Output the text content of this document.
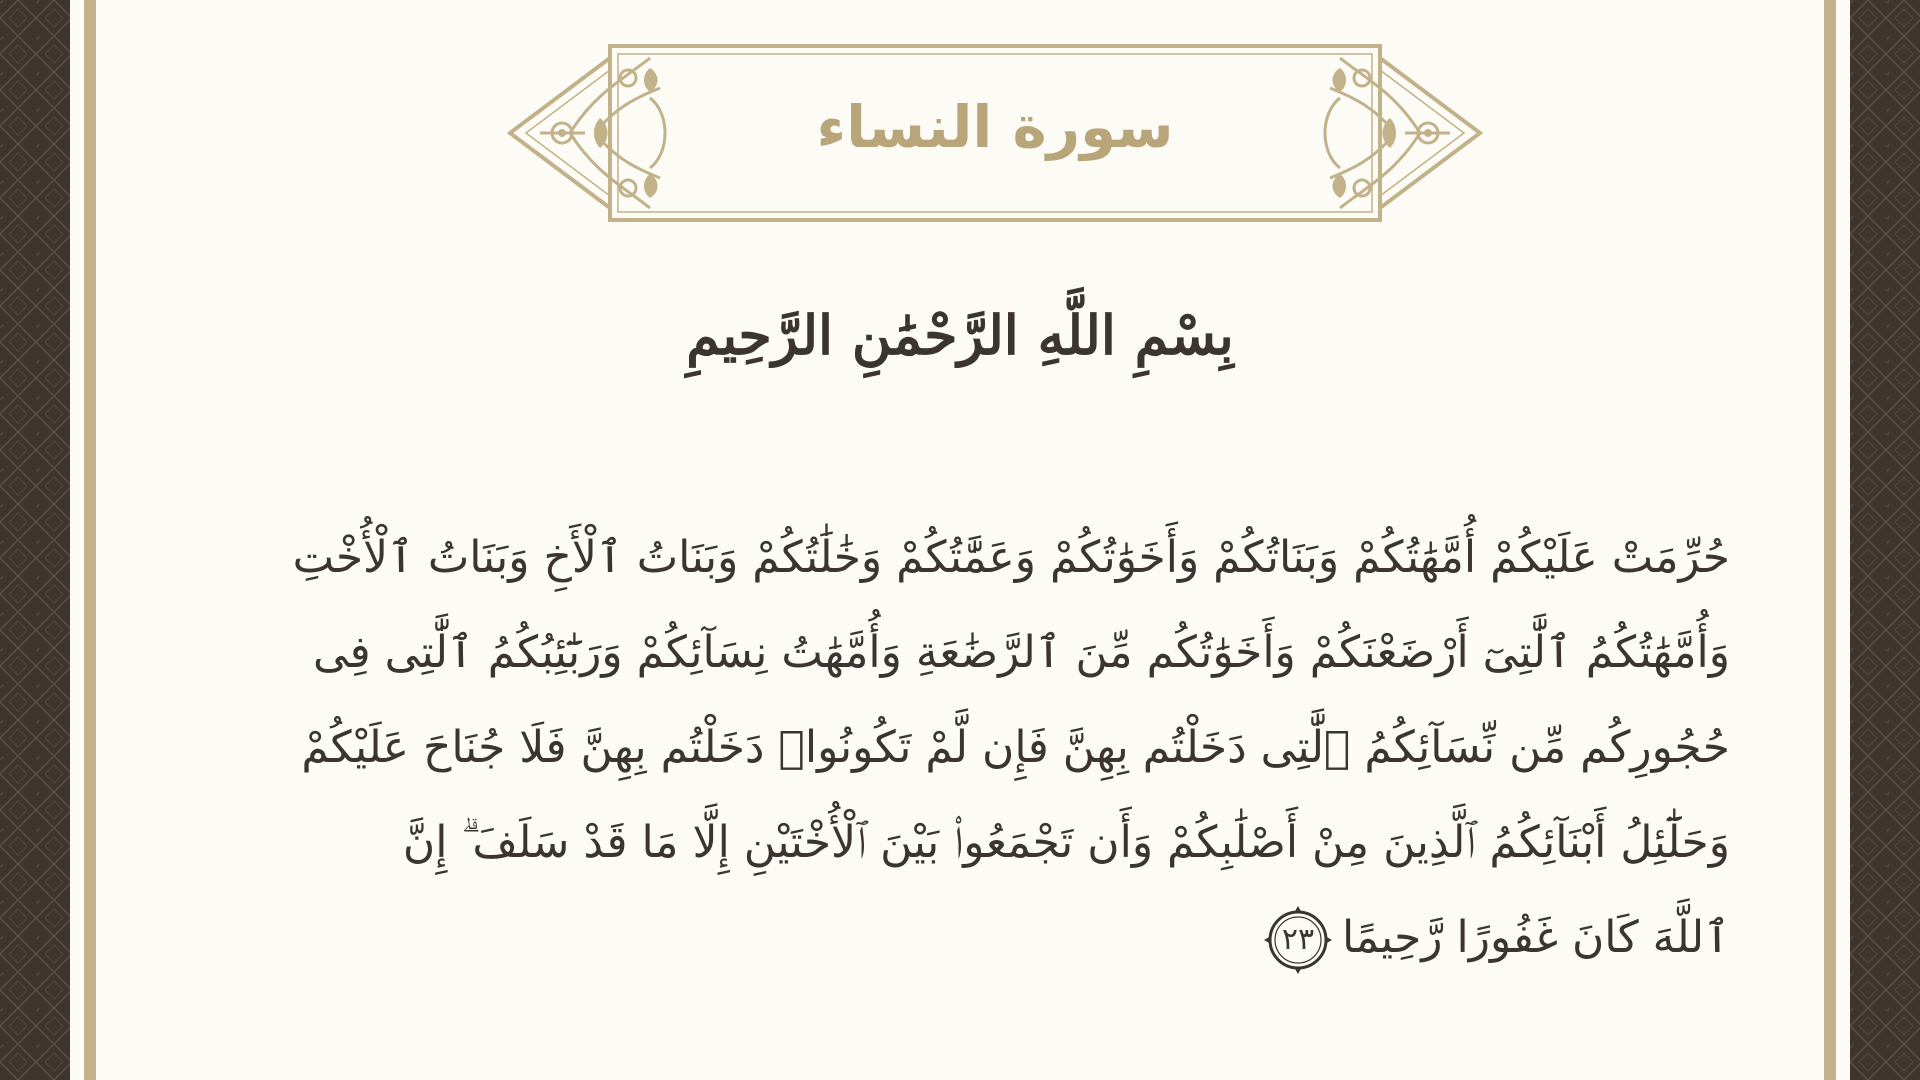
سورة النساء
بِسْمِ اللَّهِ الرَّحْمَٰنِ الرَّحِيمِ
حُرِّمَتْ عَلَيْكُمْ أُمَّهَٰتُكُمْ وَبَنَاتُكُمْ وَأَخَوَٰتُكُمْ وَعَمَّٰتُكُمْ وَخَٰلَٰتُكُمْ وَبَنَاتُ ٱلْأَخِ وَبَنَاتُ ٱلْأُخْتِ
وَأُمَّهَٰتُكُمُ ٱلَّٰتِىٓ أَرْضَعْنَكُمْ وَأَخَوَٰتُكُم مِّنَ ٱلرَّضَٰعَةِ وَأُمَّهَٰتُ نِسَآئِكُمْ وَرَبَٰٓئِبُكُمُ ٱلَّٰتِى فِى
حُجُورِكُم مِّن نِّسَآئِكُمُ ٱلَّٰتِى دَخَلْتُم بِهِنَّ فَإِن لَّمْ تَكُونُوا۟ دَخَلْتُم بِهِنَّ فَلَا جُنَاحَ عَلَيْكُمْ
وَحَلَٰٓئِلُ أَبْنَآئِكُمُ ٱلَّذِينَ مِنْ أَصْلَٰبِكُمْ وَأَن تَجْمَعُوا۟ بَيْنَ ٱلْأُخْتَيْنِ إِلَّا مَا قَدْ سَلَفَ ۗ إِنَّ
ٱللَّهَ كَانَ غَفُورًا رَّحِيمًا
٢٣
